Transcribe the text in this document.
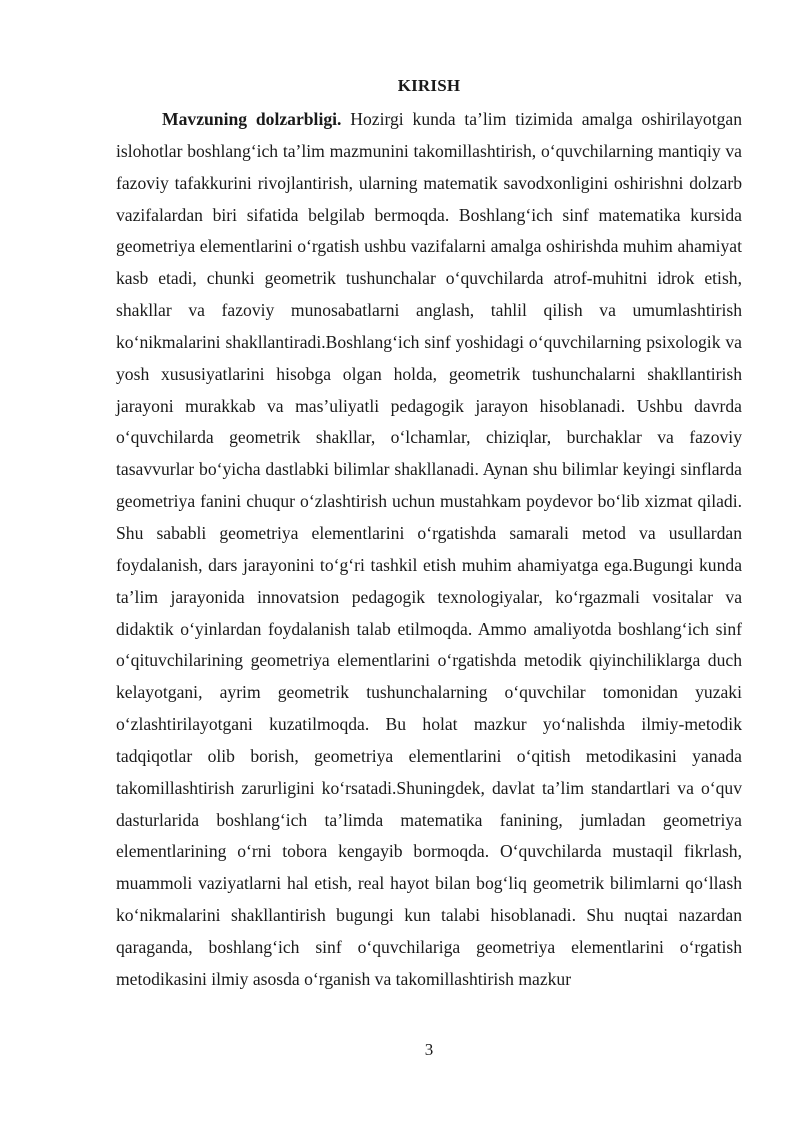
KIRISH

Mavzuning dolzarbligi. Hozirgi kunda ta’lim tizimida amalga oshirilayotgan islohotlar boshlang‘ich ta’lim mazmunini takomillashtirish, o‘quvchilarning mantiqiy va fazoviy tafakkurini rivojlantirish, ularning matematik savodxonligini oshirishni dolzarb vazifalardan biri sifatida belgilab bermoqda. Boshlang‘ich sinf matematika kursida geometriya elementlarini o‘rgatish ushbu vazifalarni amalga oshirishda muhim ahamiyat kasb etadi, chunki geometrik tushunchalar o‘quvchilarda atrof-muhitni idrok etish, shakllar va fazoviy munosabatlarni anglash, tahlil qilish va umumlashtirish ko‘nikmalarini shakllantiradi.Boshlang‘ich sinf yoshidagi o‘quvchilarning psixologik va yosh xususiyatlarini hisobga olgan holda, geometrik tushunchalarni shakllantirish jarayoni murakkab va mas’uliyatli pedagogik jarayon hisoblanadi. Ushbu davrda o‘quvchilarda geometrik shakllar, o‘lchamlar, chiziqlar, burchaklar va fazoviy tasavvurlar bo‘yicha dastlabki bilimlar shakllanadi. Aynan shu bilimlar keyingi sinflarda geometriya fanini chuqur o‘zlashtirish uchun mustahkam poydevor bo‘lib xizmat qiladi. Shu sababli geometriya elementlarini o‘rgatishda samarali metod va usullardan foydalanish, dars jarayonini to‘g‘ri tashkil etish muhim ahamiyatga ega.Bugungi kunda ta’lim jarayonida innovatsion pedagogik texnologiyalar, ko‘rgazmali vositalar va didaktik o‘yinlardan foydalanish talab etilmoqda. Ammo amaliyotda boshlang‘ich sinf o‘qituvchilarining geometriya elementlarini o‘rgatishda metodik qiyinchiliklarga duch kelayotgani, ayrim geometrik tushunchalarning o‘quvchilar tomonidan yuzaki o‘zlashtirilayotgani kuzatilmoqda. Bu holat mazkur yo‘nalishda ilmiy-metodik tadqiqotlar olib borish, geometriya elementlarini o‘qitish metodikasini yanada takomillashtirish zarurligini ko‘rsatadi.Shuningdek, davlat ta’lim standartlari va o‘quv dasturlarida boshlang‘ich ta’limda matematika fanining, jumladan geometriya elementlarining o‘rni tobora kengayib bormoqda. O‘quvchilarda mustaqil fikrlash, muammoli vaziyatlarni hal etish, real hayot bilan bog‘liq geometrik bilimlarni qo‘llash ko‘nikmalarini shakllantirish bugungi kun talabi hisoblanadi. Shu nuqtai nazardan qaraganda, boshlang‘ich sinf o‘quvchilariga geometriya elementlarini o‘rgatish metodikasini ilmiy asosda o‘rganish va takomillashtirish mazkur

3
